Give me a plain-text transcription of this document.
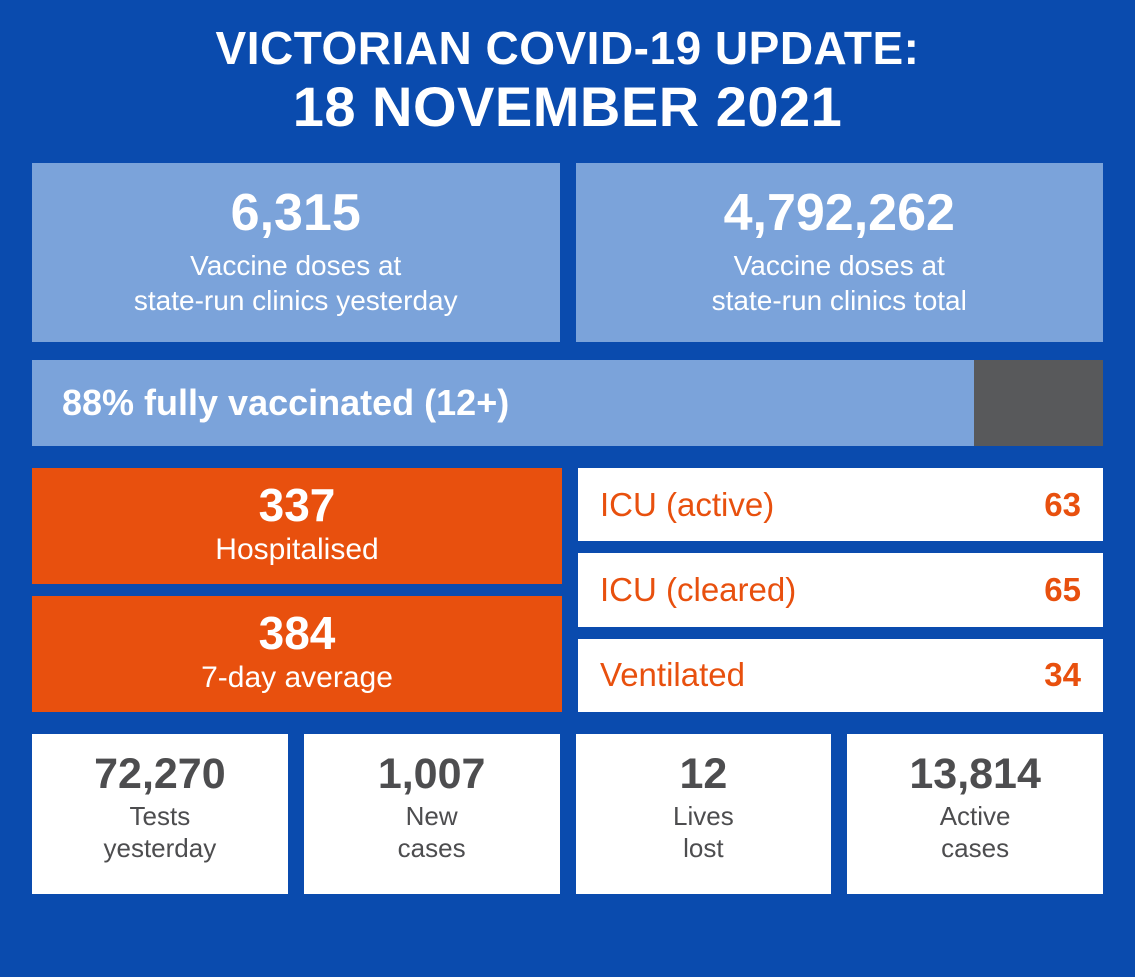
VICTORIAN COVID-19 UPDATE:
18 NOVEMBER 2021
6,315
Vaccine doses at
state-run clinics yesterday
4,792,262
Vaccine doses at
state-run clinics total
88% fully vaccinated (12+)
337
Hospitalised
384
7-day average
ICU (active)	63
ICU (cleared)	65
Ventilated	34
72,270
Tests
yesterday
1,007
New
cases
12
Lives
lost
13,814
Active
cases
